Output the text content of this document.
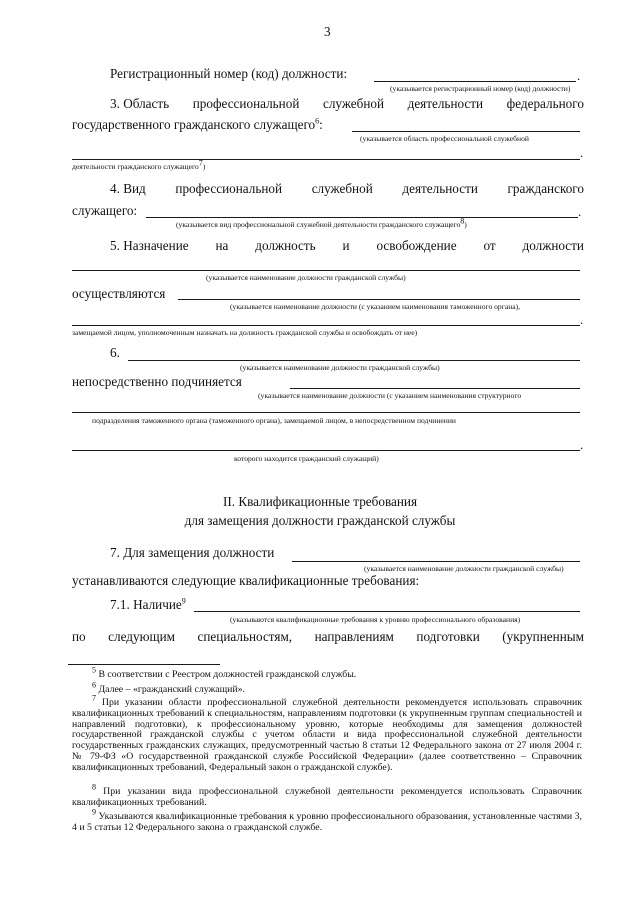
3
Регистрационный номер (код) должности:	.
(указывается регистрационный номер (код) должности)
3. Область профессиональной служебной деятельности федерального
государственного гражданского служащего$^6$:
(указывается область профессиональной служебной
.
деятельности гражданского служащего$^7$)
4. Вид профессиональной служебной деятельности гражданского
служащего:	.
(указывается вид профессиональной служебной деятельности гражданского служащего$^8$)
5. Назначение на должность и освобождение от должности
(указывается наименование должности гражданской службы)
осуществляются
(указывается наименование должности (с указанием наименования таможенного органа),
.
замещаемой лицом, уполномоченным назначать на должность гражданской службы и освобождать от нее)
6.
(указывается наименование должности гражданской службы)
непосредственно подчиняется
(указывается наименование должности (с указанием наименования структурного
подразделения таможенного органа (таможенного органа), замещаемой лицом, в непосредственном подчинении
.
которого находится гражданский служащий)
II. Квалификационные требования
для замещения должности гражданской службы
7. Для замещения должности
(указывается наименование должности гражданской службы)
устанавливаются следующие квалификационные требования:
7.1. Наличие$^9$
(указываются квалификационные требования к уровню профессионального образования)
по следующим специальностям, направлениям подготовки (укрупненным
$^5$ В соответствии с Реестром должностей гражданской службы.
$^6$ Далее – «гражданский служащий».
$^7$ При указании области профессиональной служебной деятельности рекомендуется использовать справочник квалификационных требований к специальностям, направлениям подготовки (к укрупненным группам специальностей и направлений подготовки), к профессиональному уровню, которые необходимы для замещения должностей государственной гражданской службы с учетом области и вида профессиональной служебной деятельности государственных гражданских служащих, предусмотренный частью 8 статьи 12 Федерального закона от 27 июля 2004 г. № 79-ФЗ «О государственной гражданской службе Российской Федерации» (далее соответственно – Справочник квалификационных требований, Федеральный закон о гражданской службе).
$^8$ При указании вида профессиональной служебной деятельности рекомендуется использовать Справочник квалификационных требований.
$^9$ Указываются квалификационные требования к уровню профессионального образования, установленные частями 3, 4 и 5 статьи 12 Федерального закона о гражданской службе.
